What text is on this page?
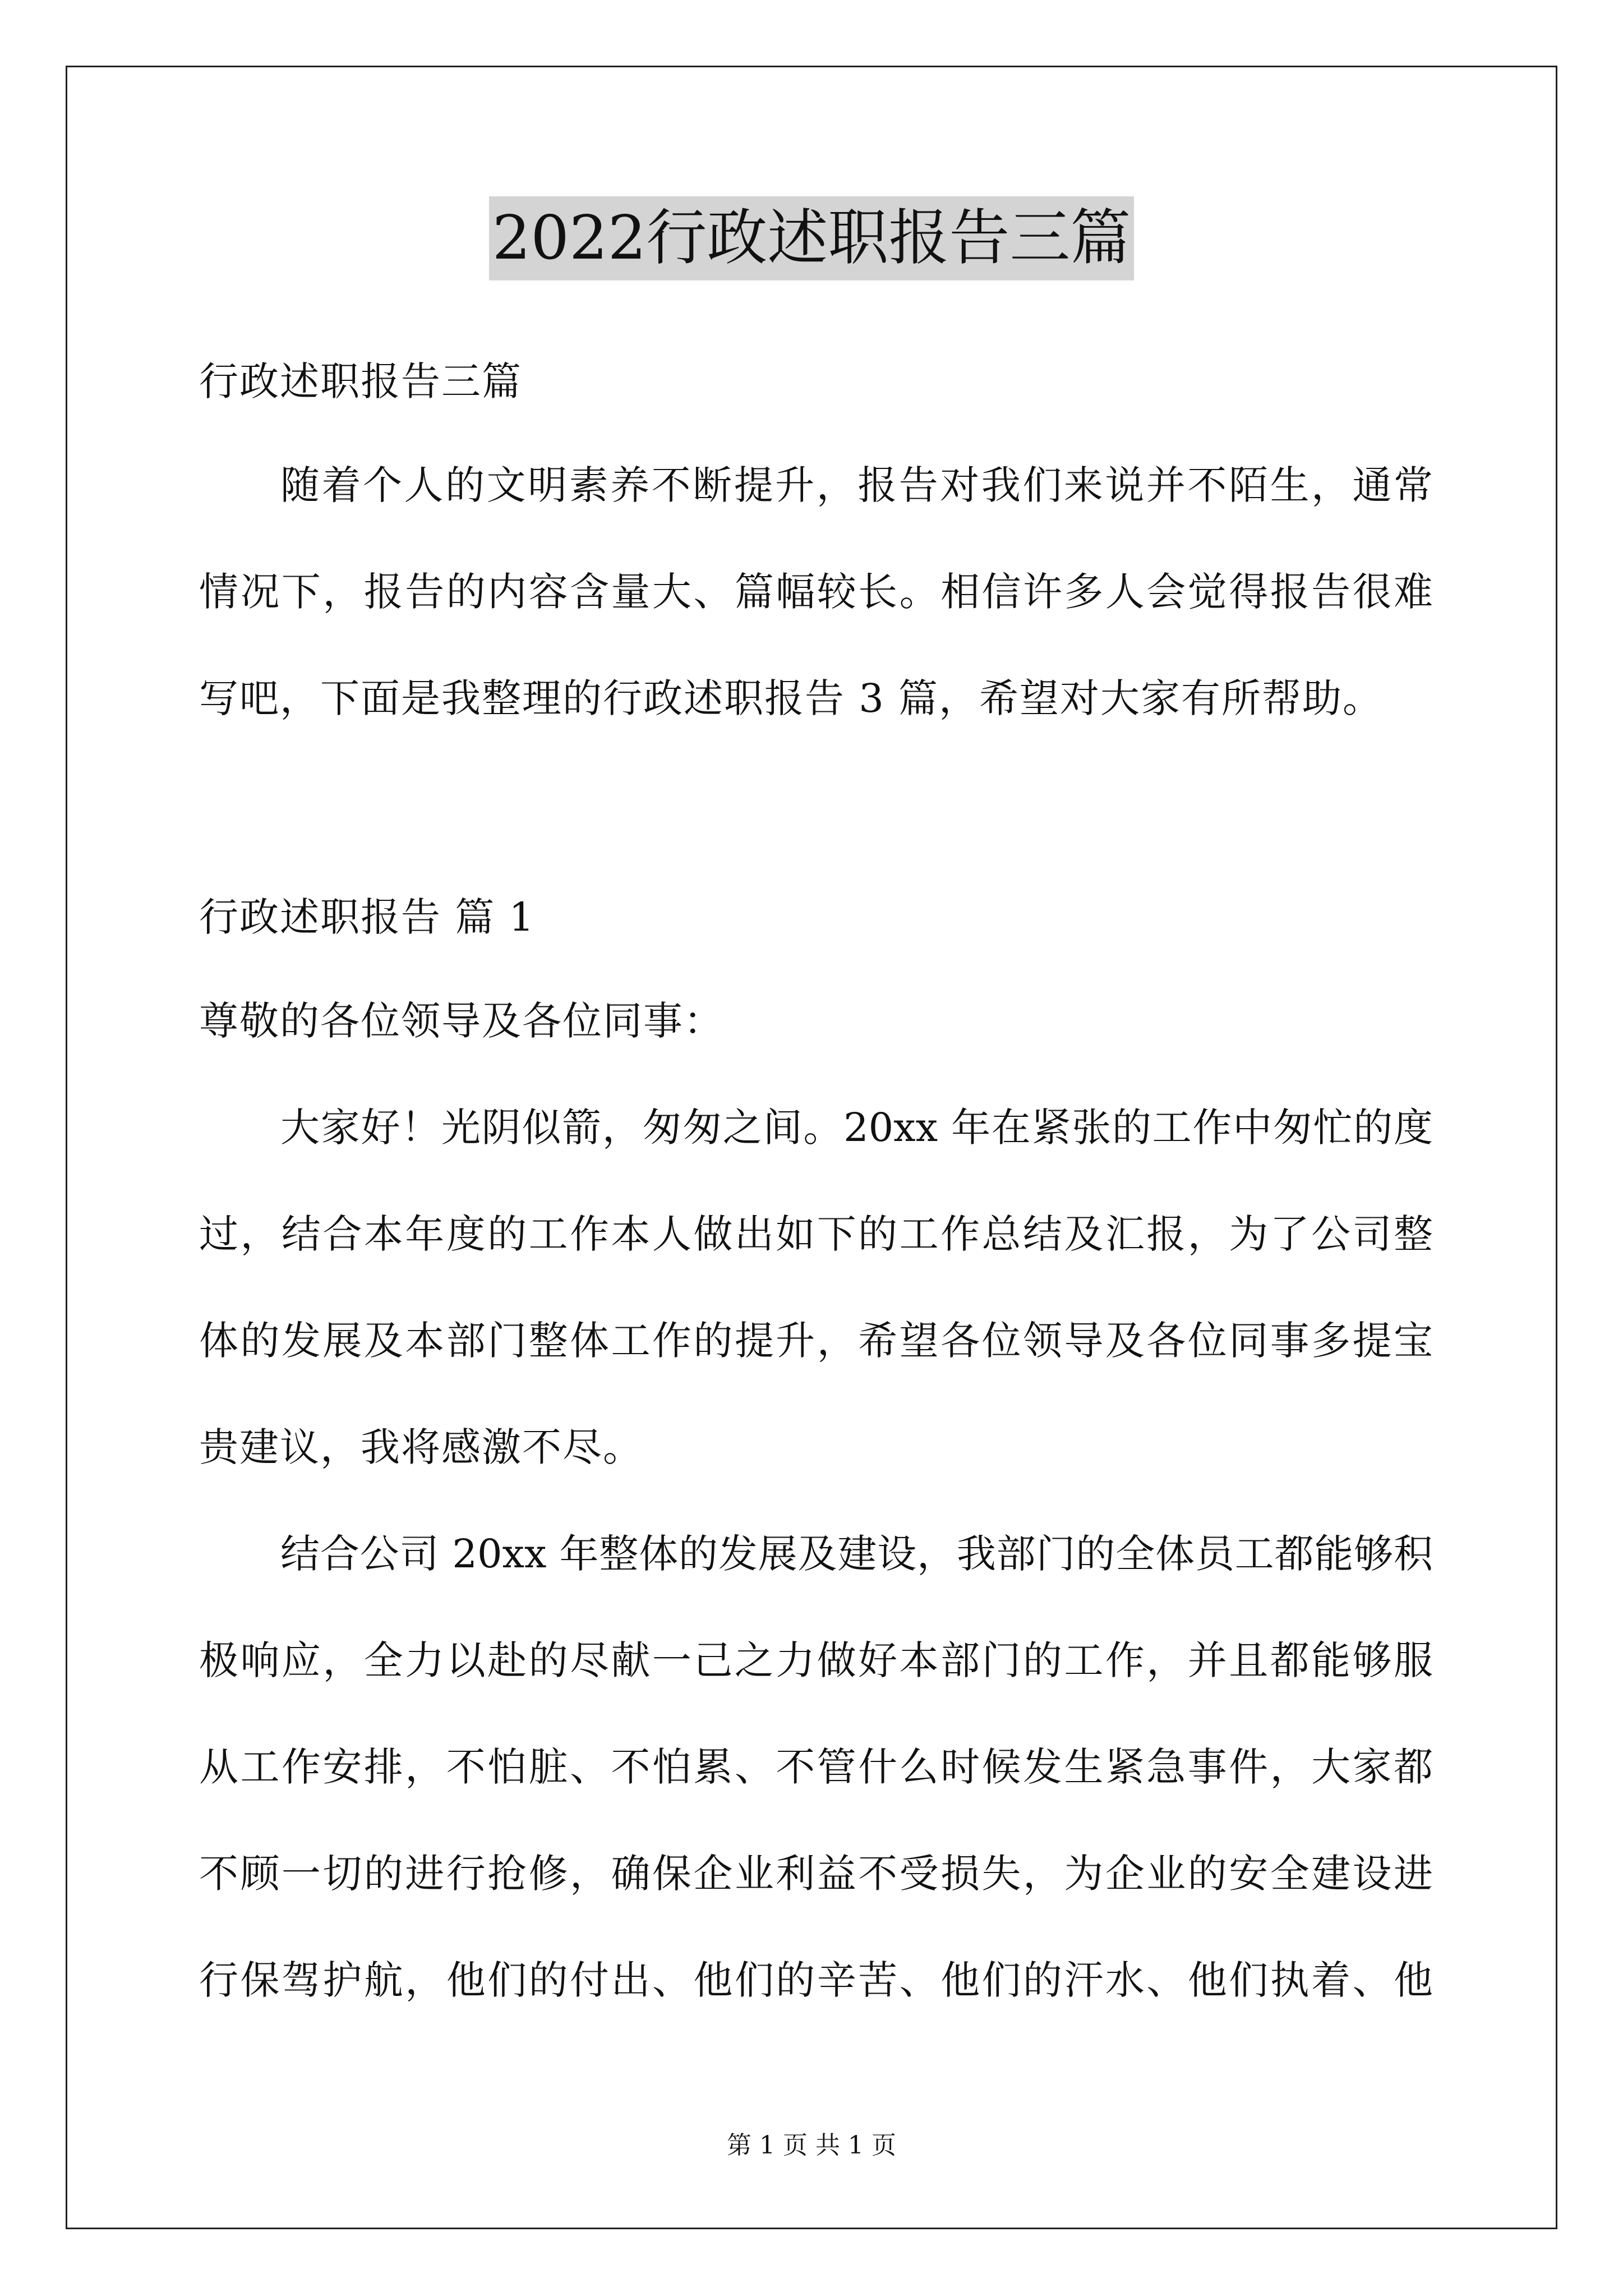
2022行政述职报告三篇
行政述职报告三篇
随着个人的文明素养不断提升，报告对我们来说并不陌生，通常
情况下，报告的内容含量大、篇幅较长。相信许多人会觉得报告很难
写吧，下面是我整理的行政述职报告 3 篇，希望对大家有所帮助。
行政述职报告 篇 1
尊敬的各位领导及各位同事：
大家好！光阴似箭，匆匆之间。20xx 年在紧张的工作中匆忙的度
过，结合本年度的工作本人做出如下的工作总结及汇报，为了公司整
体的发展及本部门整体工作的提升，希望各位领导及各位同事多提宝
贵建议，我将感激不尽。
结合公司 20xx 年整体的发展及建设，我部门的全体员工都能够积
极响应，全力以赴的尽献一己之力做好本部门的工作，并且都能够服
从工作安排，不怕脏、不怕累、不管什么时候发生紧急事件，大家都
不顾一切的进行抢修，确保企业利益不受损失，为企业的安全建设进
行保驾护航，他们的付出、他们的辛苦、他们的汗水、他们执着、他
第 1 页 共 1 页
